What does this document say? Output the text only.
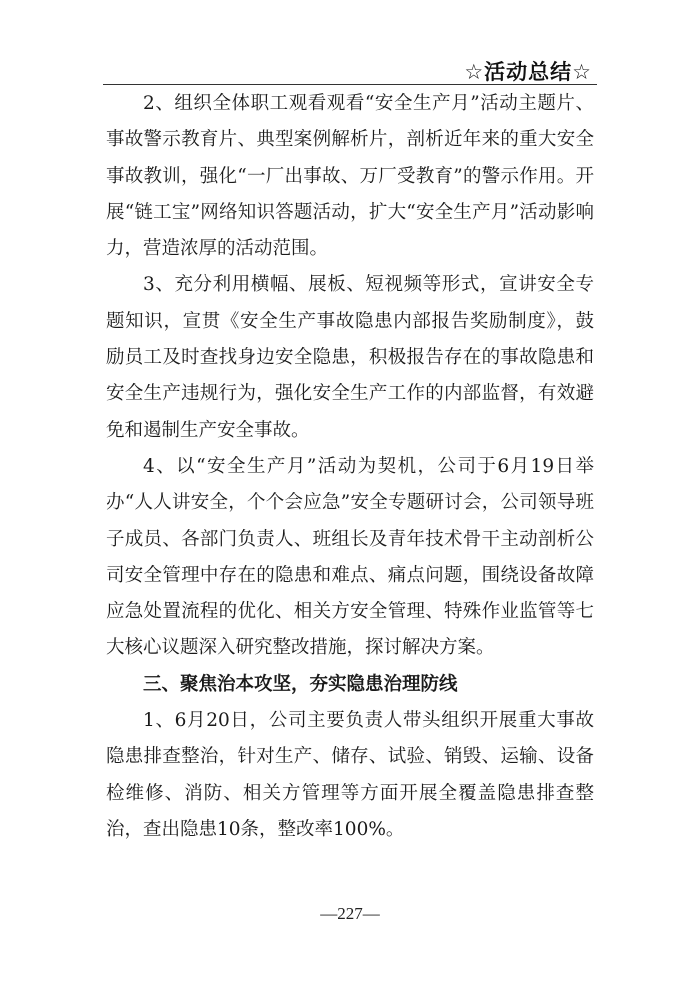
☆活动总结☆

2、组织全体职工观看观看“安全生产月”活动主题片、事故警示教育片、典型案例解析片，剖析近年来的重大安全事故教训，强化“一厂出事故、万厂受教育”的警示作用。开展“链工宝”网络知识答题活动，扩大“安全生产月”活动影响力，营造浓厚的活动范围。

3、充分利用横幅、展板、短视频等形式，宣讲安全专题知识，宣贯《安全生产事故隐患内部报告奖励制度》，鼓励员工及时查找身边安全隐患，积极报告存在的事故隐患和安全生产违规行为，强化安全生产工作的内部监督，有效避免和遏制生产安全事故。

4、以“安全生产月”活动为契机，公司于6月19日举办“人人讲安全，个个会应急”安全专题研讨会，公司领导班子成员、各部门负责人、班组长及青年技术骨干主动剖析公司安全管理中存在的隐患和难点、痛点问题，围绕设备故障应急处置流程的优化、相关方安全管理、特殊作业监管等七大核心议题深入研究整改措施，探讨解决方案。

三、聚焦治本攻坚，夯实隐患治理防线

1、6月20日，公司主要负责人带头组织开展重大事故隐患排查整治，针对生产、储存、试验、销毁、运输、设备检维修、消防、相关方管理等方面开展全覆盖隐患排查整治，查出隐患10条，整改率100%。

—227—
